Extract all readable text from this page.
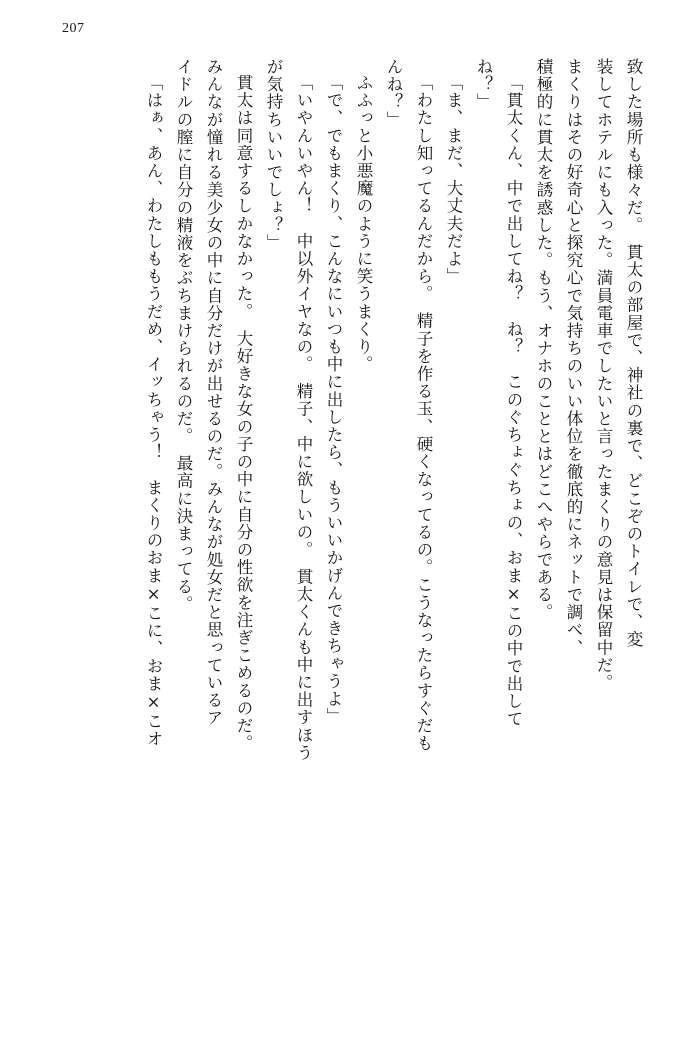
207
致した場所も様々だ。　貫太の部屋で、神社の裏で、どこぞのトイレで、変
装してホテルにも入った。満員電車でしたいと言ったまくりの意見は保留中だ。
まくりはその好奇心と探究心で気持ちのいい体位を徹底的にネットで調べ、
積極的に貫太を誘惑した。もう、オナホのこととはどこへやらである。
「貫太くん、中で出してね？　ね？　このぐちょぐちょの、おま×この中で出して
ね？」
「ま、まだ、大丈夫だよ」
「わたし知ってるんだから。　精子を作る玉、硬くなってるの。こうなったらすぐだも
んね？」
ふふっと小悪魔のように笑うまくり。
「で、でもまくり、こんなにいつも中に出したら、もういいかげんできちゃうよ」
「いやんいやん！　中以外イヤなの。　精子、中に欲しいの。　貫太くんも中に出すほう
が気持ちいいでしょ？」
貫太は同意するしかなかった。　大好きな女の子の中に自分の性欲を注ぎこめるのだ。
みんなが憧れる美少女の中に自分だけが出せるのだ。みんなが処女だと思っているア
イドルの膣に自分の精液をぶちまけられるのだ。　最高に決まってる。
「はぁ、あん、わたしももうだめ、イッちゃう！　まくりのおま×こに、おま×こオ
